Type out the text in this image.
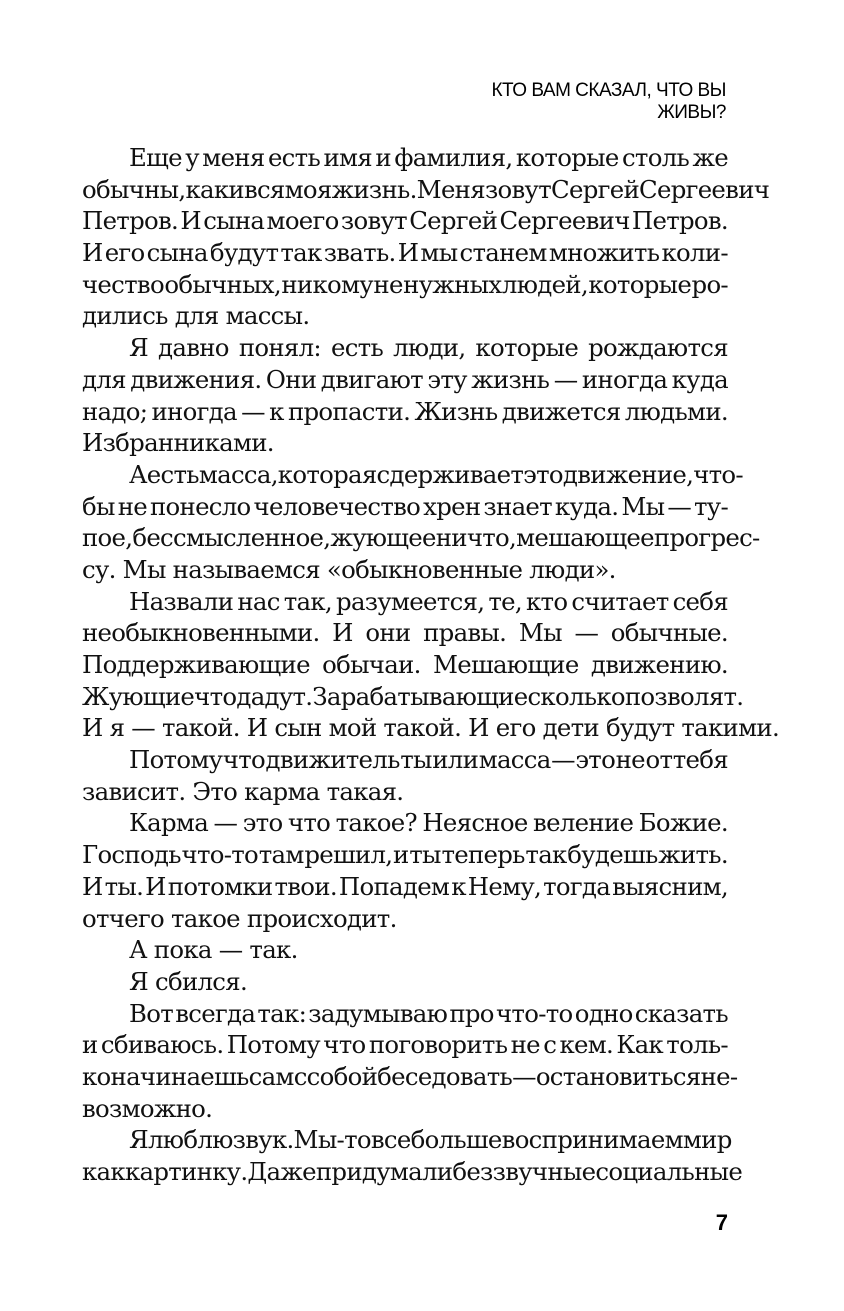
КТО ВАМ СКАЗАЛ, ЧТО ВЫ ЖИВЫ?
Еще у меня есть имя и фамилия, которые столь же
обычны, как и вся моя жизнь. Меня зовут Сергей Сергеевич
Петров. И сына моего зовут Сергей Сергеевич Петров.
И его сына будут так звать. И мы станем множить коли-
чество обычных, никому не нужных людей, которые ро-
дились для массы.
Я давно понял: есть люди, которые рождаются
для движения. Они двигают эту жизнь — иногда куда
надо; иногда — к пропасти. Жизнь движется людьми.
Избранниками.
А есть масса, которая сдерживает это движение, что-
бы не понесло человечество хрен знает куда. Мы — ту-
пое, бессмысленное, жующее ничто, мешающее прогрес-
су. Мы называемся «обыкновенные люди».
Назвали нас так, разумеется, те, кто считает себя
необыкновенными. И они правы. Мы — обычные.
Поддерживающие обычаи. Мешающие движению.
Жующие что дадут. Зарабатывающие сколько позволят.
И я — такой. И сын мой такой. И его дети будут такими.
Потому что движитель ты или масса — это не от тебя
зависит. Это карма такая.
Карма — это что такое? Неясное веление Божие.
Господь что-то там решил, и ты теперь так будешь жить.
И ты. И потомки твои. Попадем к Нему, тогда выясним,
отчего такое происходит.
А пока — так.
Я сбился.
Вот всегда так: задумываю про что-то одно сказать
и сбиваюсь. Потому что поговорить не с кем. Как толь-
ко начинаешь сам с собой беседовать — остановиться не-
возможно.
Я люблю звук. Мы-то все больше воспринимаем мир
как картинку. Даже придумали беззвучные социальные
7
